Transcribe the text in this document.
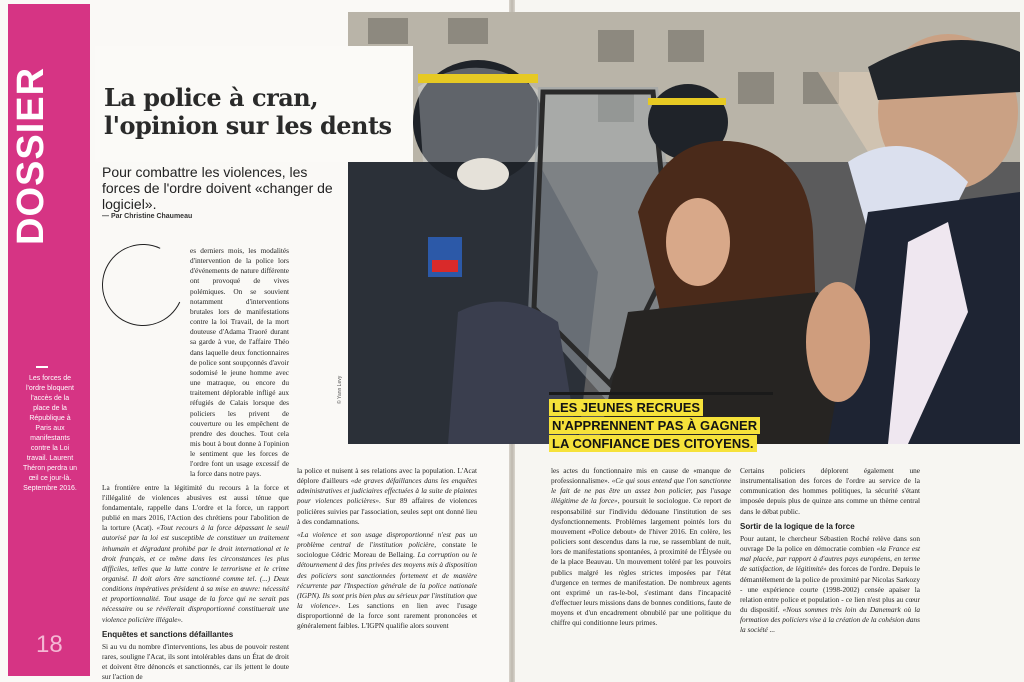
DOSSIER
Les forces de l'ordre bloquent l'accès de la place de la République à Paris aux manifestants contre la Loi travail. Laurent Théron perdra un œil ce jour-là. Septembre 2016.
18
© Yann Levy
La police à cran,
l'opinion sur les dents
Pour combattre les violences, les forces de l'ordre doivent «changer de logiciel».
— Par Christine Chaumeau

es derniers mois, les modalités d'intervention de la police lors d'événements de nature différente ont provoqué de vives polémiques. On se souvient notamment d'interventions brutales lors de manifestations contre la loi Travail, de la mort douteuse d'Adama Traoré durant sa garde à vue, de l'affaire Théo dans laquelle deux fonctionnaires de police sont soupçonnés d'avoir sodomisé le jeune homme avec une matraque, ou encore du traitement déplorable infligé aux réfugiés de Calais lorsque des policiers les privent de couverture ou les empêchent de prendre des douches. Tout cela mis bout à bout donne à l'opinion le sentiment que les forces de l'ordre font un usage excessif de la force dans notre pays.

La frontière entre la légitimité du recours à la force et l'illégalité de violences abusives est aussi ténue que fondamentale, rappelle dans L'ordre et la force, un rapport publié en mars 2016, l'Action des chrétiens pour l'abolition de la torture (Acat). «Tout recours à la force dépassant le seuil autorisé par la loi est susceptible de constituer un traitement inhumain et dégradant prohibé par le droit international et le droit français, et ce même dans les circonstances les plus difficiles, telles que la lutte contre le terrorisme et le crime organisé. Il doit alors être sanctionné comme tel. (...) Deux conditions impératives président à sa mise en œuvre: nécessité et proportionnalité. Tout usage de la force qui ne serait pas nécessaire ou se révélerait disproportionné constituerait une violence policière illégale».

Enquêtes et sanctions défaillantes

Si au vu du nombre d'interventions, les abus de pouvoir restent rares, souligne l'Acat, ils sont intolérables dans un État de droit et doivent être dénoncés et sanctionnés, car ils jettent le doute sur l'action de

la police et nuisent à ses relations avec la population. L'Acat déplore d'ailleurs «de graves défaillances dans les enquêtes administratives et judiciaires effectuées à la suite de plaintes pour violences policières». Sur 89 affaires de violences policières suivies par l'association, seules sept ont donné lieu à des condamnations.

«La violence et son usage disproportionné n'est pas un problème central de l'institution policière, constate le sociologue Cédric Moreau de Bellaing. La corruption ou le détournement à des fins privées des moyens mis à disposition des policiers sont sanctionnées fortement et de manière récurrente par l'Inspection générale de la police nationale (IGPN). Ils sont pris bien plus au sérieux par l'institution que la violence». Les sanctions en lien avec l'usage disproportionné de la force sont rarement prononcées et généralement faibles. L'IGPN qualifie alors souvent

LES JEUNES RECRUES
N'APPRENNENT PAS À GAGNER
LA CONFIANCE DES CITOYENS.

les actes du fonctionnaire mis en cause de «manque de professionnalisme». «Ce qui sous entend que l'on sanctionne le fait de ne pas être un assez bon policier, pas l'usage illégitime de la force», poursuit le sociologue. Ce report de responsabilité sur l'individu dédouane l'institution de ses dysfonctionnements. Problèmes largement pointés lors du mouvement «Police debout» de l'hiver 2016. En colère, les policiers sont descendus dans la rue, se rassemblant de nuit, lors de manifestations spontanées, à proximité de l'Élysée ou de la place Beauvau. Un mouvement toléré par les pouvoirs publics malgré les règles strictes imposées par l'état d'urgence en termes de manifestation. De nombreux agents ont exprimé un ras-le-bol, s'estimant dans l'incapacité d'effectuer leurs missions dans de bonnes conditions, faute de moyens et d'un encadrement obnubilé par une politique du chiffre qui conditionne leurs primes.

Certains policiers déplorent également une instrumentalisation des forces de l'ordre au service de la communication des hommes politiques, la sécurité s'étant imposée depuis plus de quinze ans comme un thème central dans le débat public.

Sortir de la logique de la force

Pour autant, le chercheur Sébastien Roché relève dans son ouvrage De la police en démocratie combien «la France est mal placée, par rapport à d'autres pays européens, en terme de satisfaction, de légitimité» des forces de l'ordre. Depuis le démantèlement de la police de proximité par Nicolas Sarkozy - une expérience courte (1998-2002) censée apaiser la relation entre police et population - ce lien n'est plus au cœur du dispositif. «Nous sommes très loin du Danemark où la formation des policiers vise à la création de la cohésion dans la société ...
